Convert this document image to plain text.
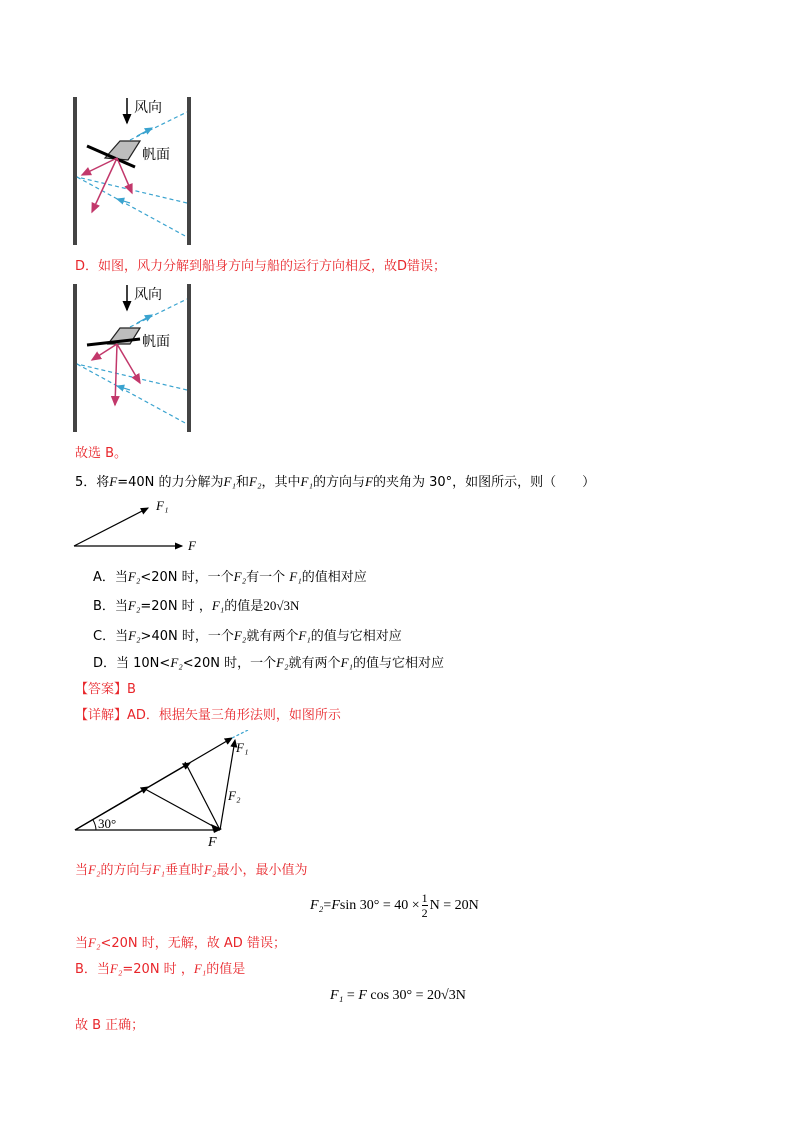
风向
帆面
D．如图，风力分解到船身方向与船的运行方向相反，故D错误；
风向
帆面
故选 B。
5．将F=40N 的力分解为F₁和F₂，其中F₁的方向与F的夹角为 30°，如图所示，则（　　）
F₁
F
A．当F₂<20N 时，一个F₂有一个 F₁的值相对应
B．当F₂=20N 时 ，F₁的值是20√3N
C．当F₂>40N 时，一个F₂就有两个F₁的值与它相对应
D．当 10N<F₂<20N 时，一个F₂就有两个F₁的值与它相对应
【答案】B
【详解】AD．根据矢量三角形法则，如图所示
30°
F₁
F₂
F
当F₂的方向与F₁垂直时F₂最小，最小值为
F₂ = F $\sin 30^\circ = 40 \times \frac{1}{2}$ N = 20N
当F₂<20N 时，无解，故 AD 错误；
B．当F₂=20N 时 ，F₁的值是
F₁ = F cos 30° = 20√3N
故 B 正确；
